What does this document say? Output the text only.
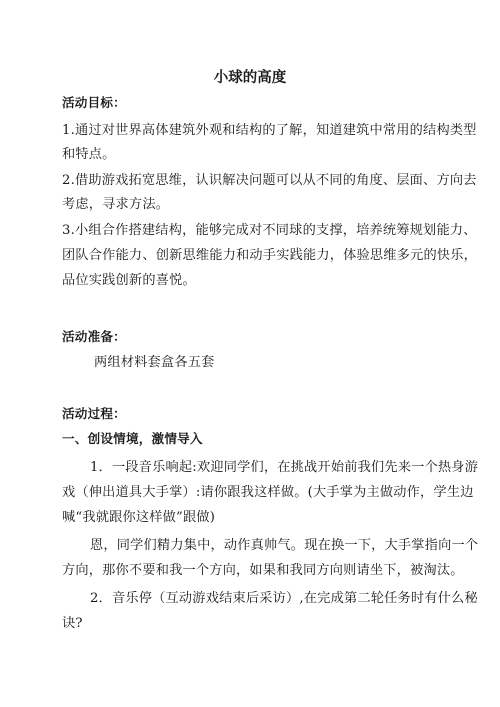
小球的高度
活动目标：
1.通过对世界高体建筑外观和结构的了解，知道建筑中常用的结构类型
和特点。
2.借助游戏拓宽思维，认识解决问题可以从不同的角度、层面、方向去
考虑，寻求方法。
3.小组合作搭建结构，能够完成对不同球的支撑，培养统筹规划能力、
团队合作能力、创新思维能力和动手实践能力，体验思维多元的快乐，
品位实践创新的喜悦。
活动准备：
两组材料套盒各五套
活动过程：
一、创设情境，激情导入
1．一段音乐响起:欢迎同学们，在挑战开始前我们先来一个热身游
戏（伸出道具大手掌）:请你跟我这样做。(大手掌为主做动作，学生边
喊“我就跟你这样做”跟做)
恩，同学们精力集中，动作真帅气。现在换一下，大手掌指向一个
方向，那你不要和我一个方向，如果和我同方向则请坐下，被淘汰。
2．音乐停（互动游戏结束后采访）,在完成第二轮任务时有什么秘
诀?
